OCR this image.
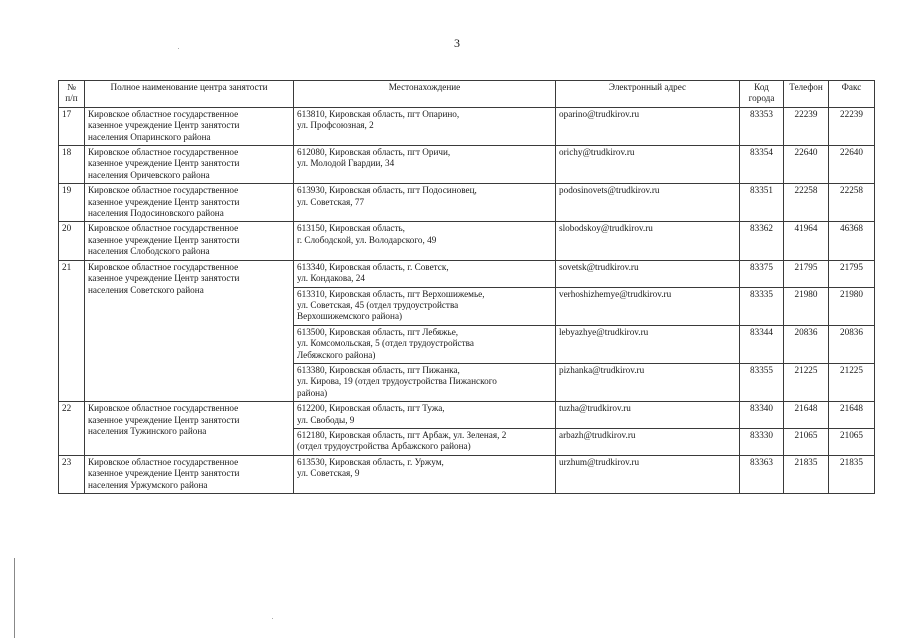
3
№
п/п	Полное наименование центра занятости	Местонахождение	Электронный адрес	Код
города	Телефон	Факс
17	Кировское областное государственное
казенное учреждение Центр занятости
населения Опаринского района	613810, Кировская область, пгт Опарино,
ул. Профсоюзная, 2	oparino@trudkirov.ru	83353	22239	22239
18	Кировское областное государственное
казенное учреждение Центр занятости
населения Оричевского района	612080, Кировская область, пгт Оричи,
ул. Молодой Гвардии, 34	orichy@trudkirov.ru	83354	22640	22640
19	Кировское областное государственное
казенное учреждение Центр занятости
населения Подосиновского района	613930, Кировская область, пгт Подосиновец,
ул. Советская, 77	podosinovets@trudkirov.ru	83351	22258	22258
20	Кировское областное государственное
казенное учреждение Центр занятости
населения Слободского района	613150, Кировская область,
г. Слободской, ул. Володарского, 49	slobodskoy@trudkirov.ru	83362	41964	46368
21	Кировское областное государственное
казенное учреждение Центр занятости
населения Советского района	613340, Кировская область, г. Советск,
ул. Кондакова, 24	sovetsk@trudkirov.ru	83375	21795	21795

		613310, Кировская область, пгт Верхошижемье,
ул. Советская, 45 (отдел трудоустройства
Верхошижемского района)	verhoshizhemye@trudkirov.ru	83335	21980	21980

		613500, Кировская область, пгт Лебяжье,
ул. Комсомольская, 5 (отдел трудоустройства
Лебяжского района)	lebyazhye@trudkirov.ru	83344	20836	20836

		613380, Кировская область, пгт Пижанка,
ул. Кирова, 19 (отдел трудоустройства Пижанского
района)	pizhanka@trudkirov.ru	83355	21225	21225
22	Кировское областное государственное
казенное учреждение Центр занятости
населения Тужинского района	612200, Кировская область, пгт Тужа,
ул. Свободы, 9	tuzha@trudkirov.ru	83340	21648	21648

		612180, Кировская область, пгт Арбаж, ул. Зеленая, 2
(отдел трудоустройства Арбажского района)	arbazh@trudkirov.ru	83330	21065	21065
23	Кировское областное государственное
казенное учреждение Центр занятости
населения Уржумского района	613530, Кировская область, г. Уржум,
ул. Советская, 9	urzhum@trudkirov.ru	83363	21835	21835
